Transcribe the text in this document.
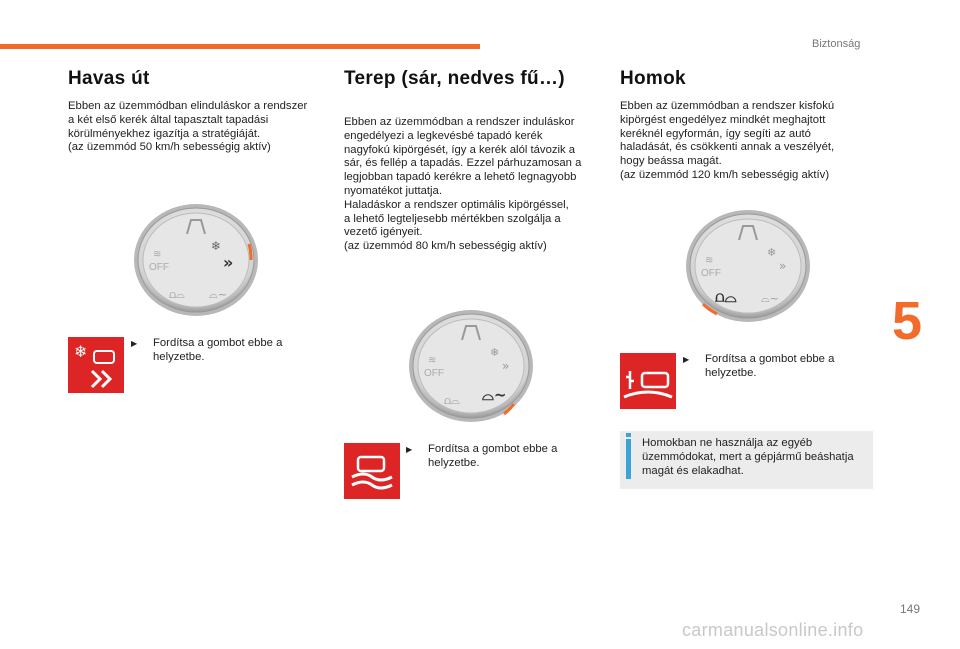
Biztonság
5
149
carmanualsonline.info
Havas út
Ebben az üzemmódban elinduláskor a rendszer
a két első kerék által tapasztalt tapadási
körülményekhez igazítja a stratégiáját.
(az üzemmód 50 km/h sebességig aktív)
≋
OFF
❄
»
⩍⌓ ⌓~
❄	▶ Fordítsa a gombot ebbe a helyzetbe.
Terep (sár, nedves fű…)
Ebben az üzemmódban a rendszer induláskor
engedélyezi a legkevésbé tapadó kerék
nagyfokú kipörgését, így a kerék alól távozik a
sár, és fellép a tapadás. Ezzel párhuzamosan a
legjobban tapadó kerékre a lehető legnagyobb
nyomatékot juttatja.
Haladáskor a rendszer optimális kipörgéssel,
a lehető legteljesebb mértékben szolgálja a
vezető igényeit.
(az üzemmód 80 km/h sebességig aktív)
≋
OFF
❄
»
⩍⌓ ⌓~
▶ Fordítsa a gombot ebbe a helyzetbe.
Homok
Ebben az üzemmódban a rendszer kisfokú
kipörgést engedélyez mindkét meghajtott
keréknél egyformán, így segíti az autó
haladását, és csökkenti annak a veszélyét,
hogy beássa magát.
(az üzemmód 120 km/h sebességig aktív)
≋
OFF
❄
»
⩍⌓ ⌓~
▶ Fordítsa a gombot ebbe a helyzetbe.
Homokban ne használja az egyéb üzemmódokat, mert a gépjármű beáshatja magát és elakadhat.
